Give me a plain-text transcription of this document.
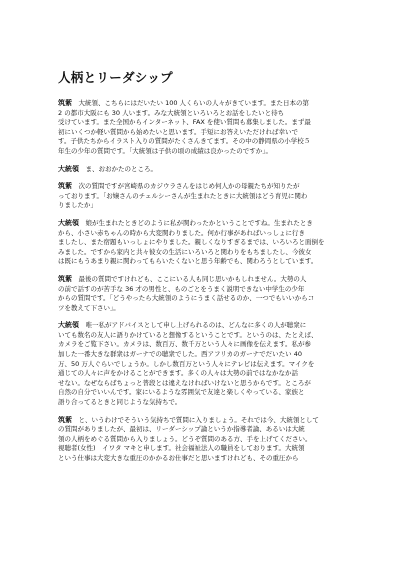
人柄とリーダシップ
筑紫　 大統領、こちらにはだいたい 100 人くらいの人々がきています。また日本の第
2 の都市大阪にも 30 人います。みな大統領といろいろとお話をしたいと待ち
受けています。また全国からインターネット、FAX を使い質問も募集しました。まず最
初にいくつか軽い質問から始めたいと思います。手短にお答えいただければ幸いで
す。子供たちからイラスト入りの質問がたくさんきてます。その中の静岡県の小学校５
年生の少年の質問です。｢大統領は子供の頃の成績は良かったのですか｣。
大統領　 ま、おおかたのところ。
筑紫　 次の質問ですが宮崎県のカジウラさんをはじめ何人かの母親たちが知りたが
っております。｢お嬢さんのチェルシーさんが生まれたときに大統領はどう育児に関わ
りましたか｣
大統領　 娘が生まれたときどのように私が関わったかということですね。生まれたとき
から、小さい赤ちゃんの時から大変関わりました。何か行事があればいっしょに行き
ましたし、また宿題もいっしょにやりました。親しくなりすぎるまでは、いろいろと面倒を
みました。ですから家内と共々彼女の生活にいろいろと関わりをもちましたし、今彼女
は既にもうあまり親に関わってもらいたくないと思う年齢でも、関わろうとしています。
筑紫　 最後の質問ですけれども、ここにいる人も同じ思いかもしれません。大勢の人
の前で話すのが苦手な 36 才の男性と、ものごとをうまく説明できない中学生の少年
からの質問です。｢どうやったら大統領のようにうまく話せるのか、一つでもいいからコ
ツを教えて下さい｣。
大統領　 唯一私がアドバイスとして申し上げられるのは、どんなに多くの人が聴衆に
いても数名の友人に語りかけていると想像するということです。というのは、たとえば、
カメラをご覧下さい。カメラは、数百万、数千万という人々に画像を伝えます。私が参
加した一番大きな群衆はガーナでの聴衆でした。西アフリカのガーナでだいたい 40
万、50 万人ぐらいでしょうか。しかし数百万という人々にテレビは伝えます。マイクを
通じての人々に声をかけることができます。多くの人々は大勢の前ではなかなか話
せない。なぜならばちょっと普段とは違えなければいけないと思うからです。ところが
自然の自分でいいんです。家にいるような雰囲気で友達と楽しくやっている、家族と
語り合ってるときと同じような気持ちで。
筑紫　 と、いうわけでそういう気持ちで質問に入りましょう。それでは今、大統領として
の質問がありましたが、最初は、リーダーシップ論というか指導者論、あるいは大統
領の人柄をめぐる質問から入りましょう。どうぞ質問のある方、手を上げてください。
視聴者(女性)　イワタ マキと申します。社会福祉法人の職員をしております。大統領
という仕事は大変大きな重圧のかかるお仕事だと思いますけれども、その重圧から
